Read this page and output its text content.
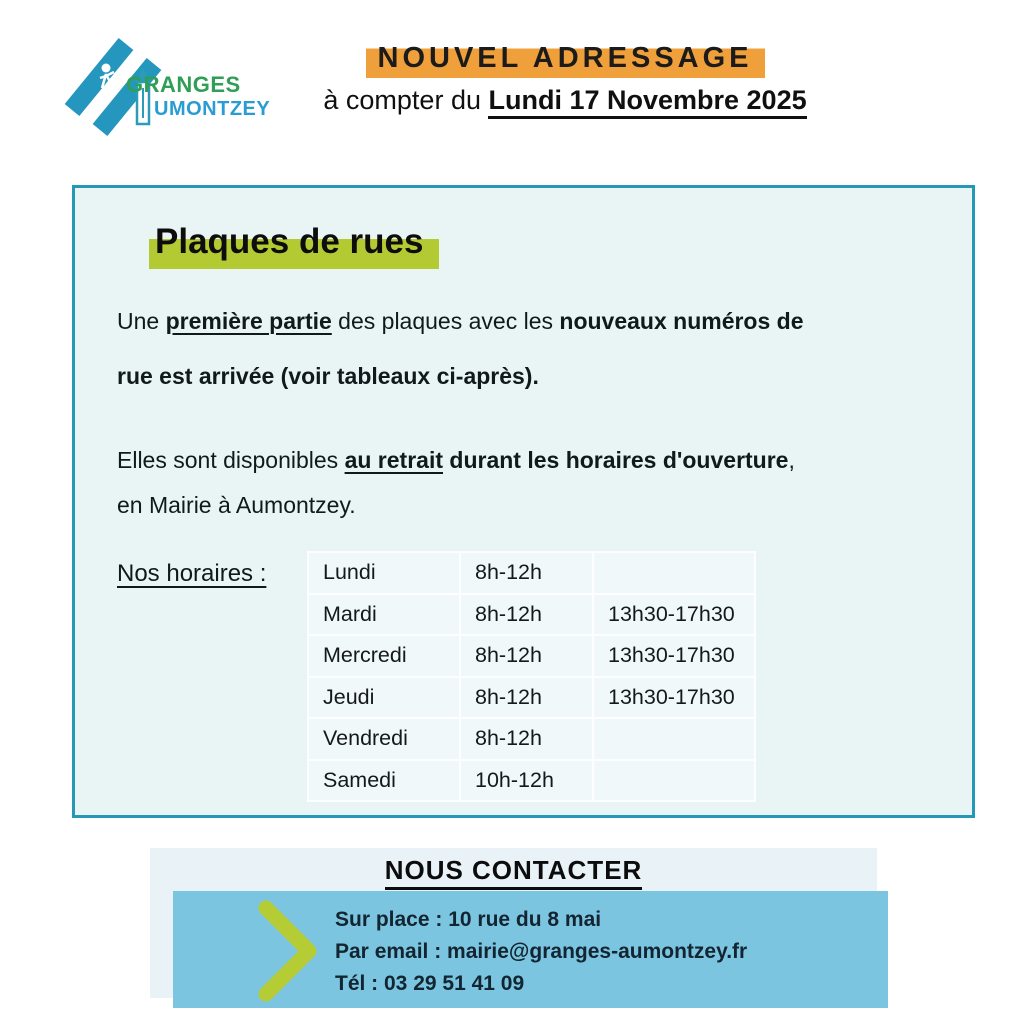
GRANGES
UMONTZEY
NOUVEL ADRESSAGE
à compter du Lundi 17 Novembre 2025
Plaques de rues
Une première partie des plaques avec les nouveaux numéros de
rue est arrivée (voir tableaux ci-après).
Elles sont disponibles au retrait durant les horaires d'ouverture,
en Mairie à Aumontzey.
Nos horaires :	Lundi	8h-12h	
Mardi	8h-12h	13h30-17h30
Mercredi	8h-12h	13h30-17h30
Jeudi	8h-12h	13h30-17h30
Vendredi	8h-12h	
Samedi	10h-12h	
NOUS CONTACTER
Sur place : 10 rue du 8 mai
Par email : mairie@granges-aumontzey.fr
Tél : 03 29 51 41 09
